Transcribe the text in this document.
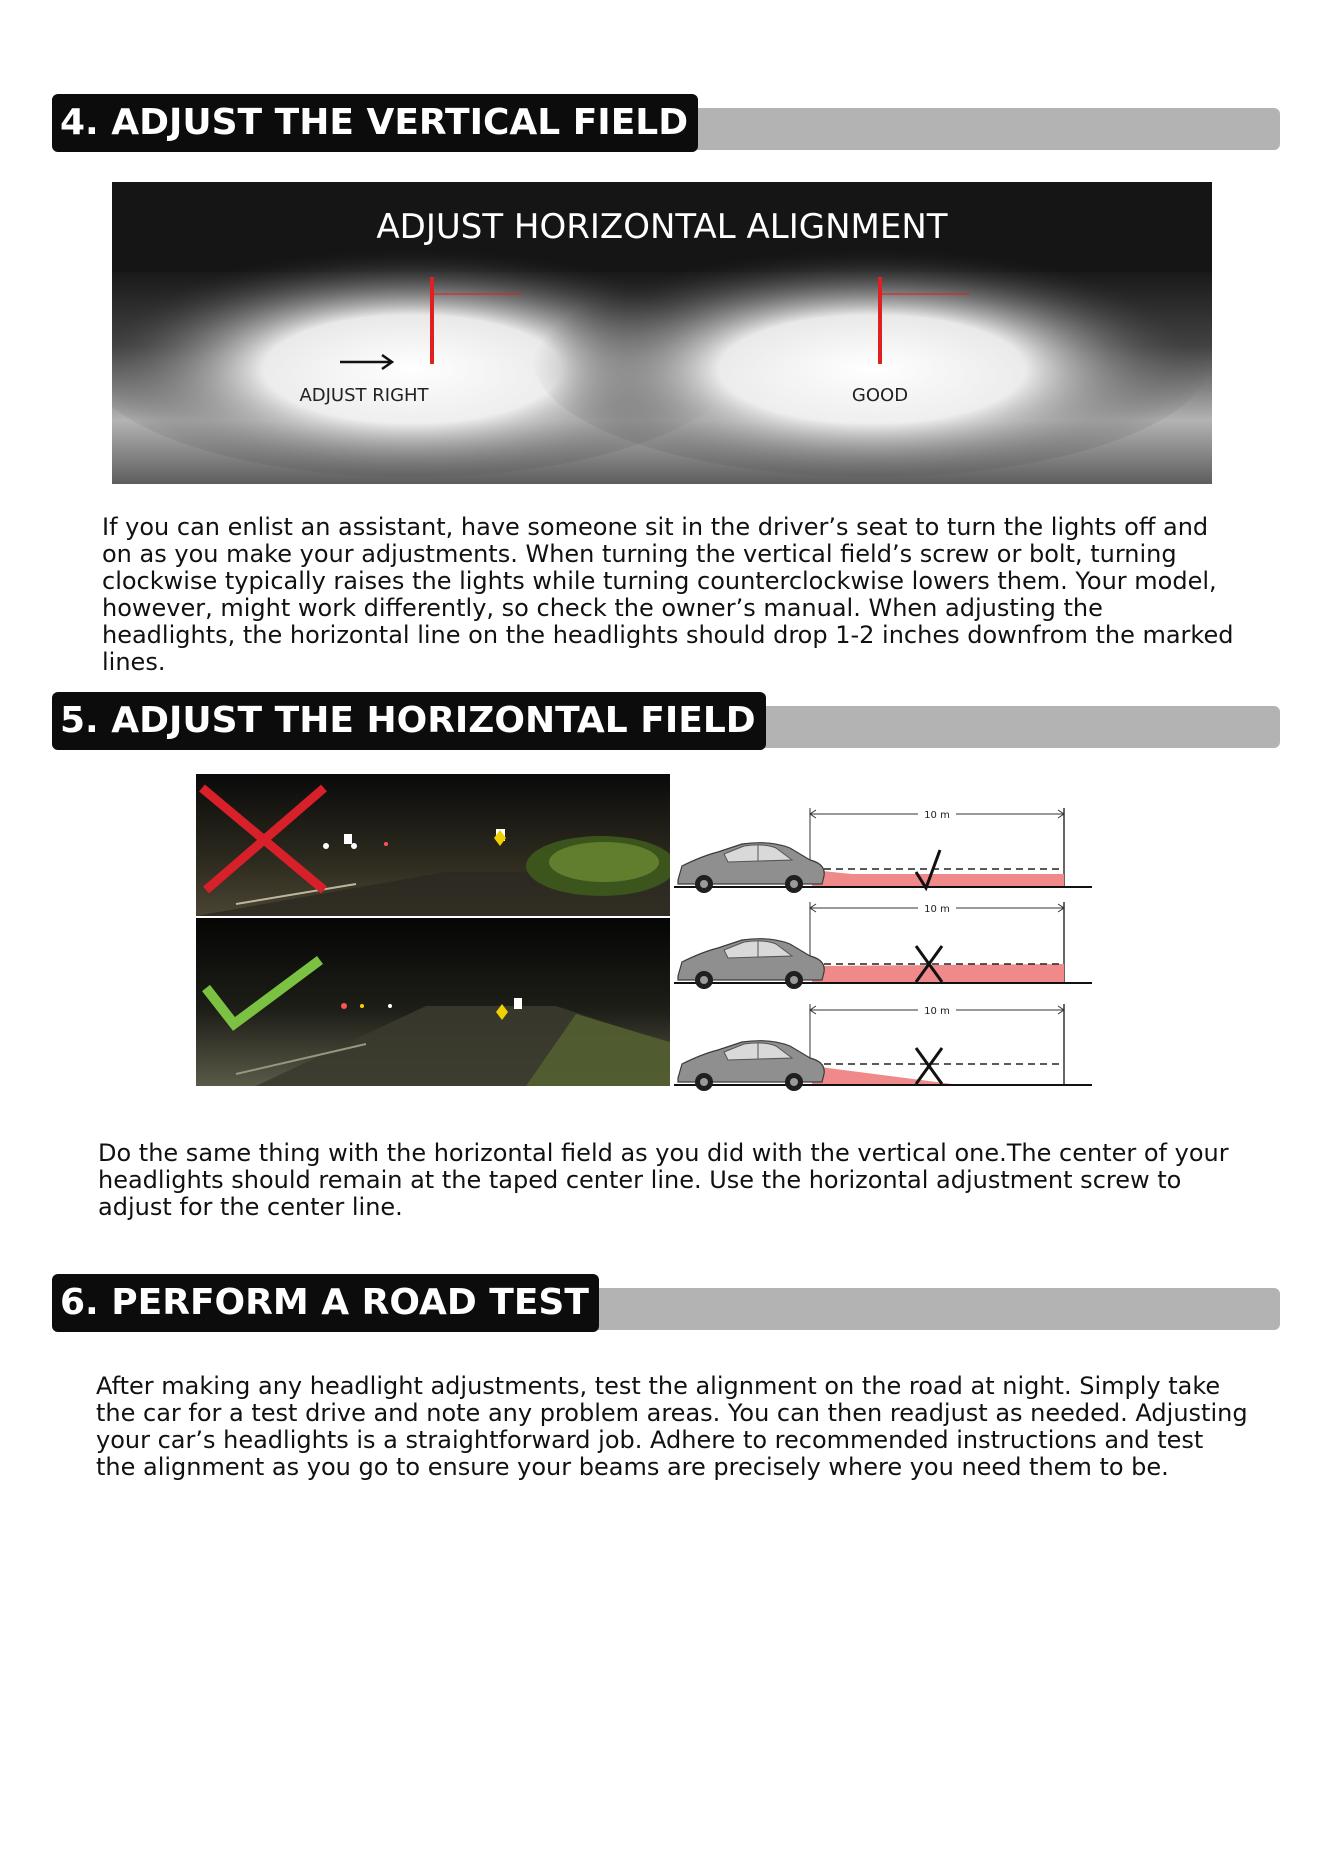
4. ADJUST THE VERTICAL FIELD
ADJUST HORIZONTAL ALIGNMENT
ADJUST RIGHT	GOOD

If you can enlist an assistant, have someone sit in the driver’s seat to turn the lights off and on as you make your adjustments. When turning the vertical field’s screw or bolt, turning clockwise typically raises the lights while turning counterclockwise lowers them. Your model, however, might work differently, so check the owner’s manual. When adjusting the headlights, the horizontal line on the headlights should drop 1-2 inches downfrom the marked lines.

5. ADJUST THE HORIZONTAL FIELD
10 m
10 m
10 m

Do the same thing with the horizontal field as you did with the vertical one.The center of your headlights should remain at the taped center line. Use the horizontal adjustment screw to adjust for the center line.

6. PERFORM A ROAD TEST

After making any headlight adjustments, test the alignment on the road at night. Simply take the car for a test drive and note any problem areas. You can then readjust as needed. Adjusting your car’s headlights is a straightforward job. Adhere to recommended instructions and test the alignment as you go to ensure your beams are precisely where you need them to be.
